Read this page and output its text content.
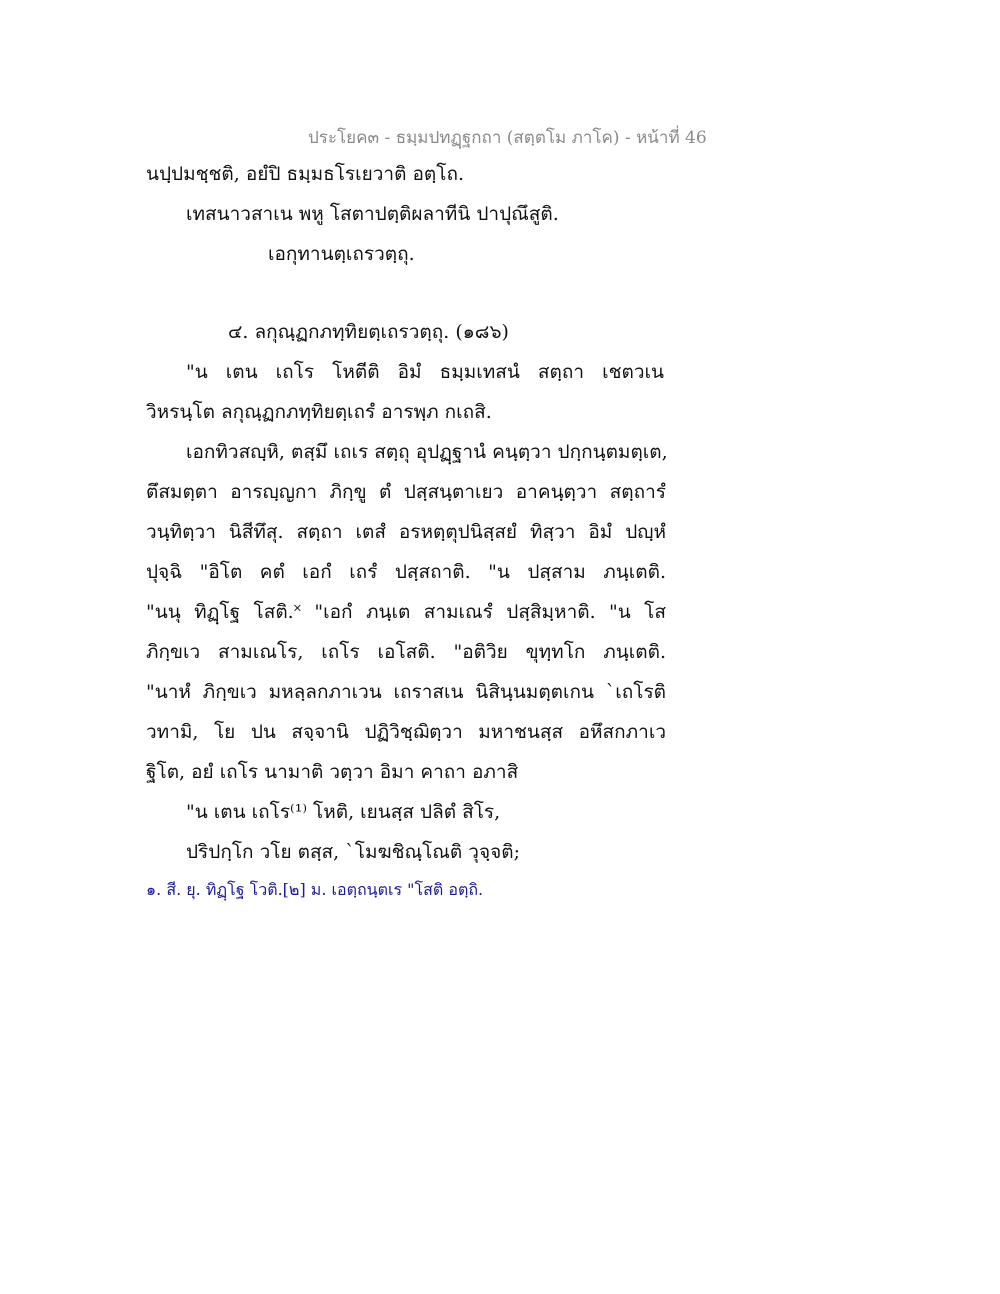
ประโยค๓ - ธมฺมปทฏฺฐกถา (สตฺตโม ภาโค) - หน้าที่ 46
นปฺปมชฺชติ, อยํปิ ธมฺมธโรเยวาติ อตฺโถ.
เทสนาวสาเน พหู โสตาปตฺติผลาทีนิ ปาปุณึสูติ.
เอกุทานตฺเถรวตฺถุ.
๔. ลกุณฺฏกภทฺทิยตฺเถรวตฺถุ. (๑๘๖)
"น เตน เถโร โหตีติ อิมํ ธมฺมเทสนํ สตฺถา เชตวเน
วิหรนฺโต ลกุณฺฏกภทฺทิยตฺเถรํ อารพฺภ กเถสิ.
เอกทิวสญฺหิ, ตสฺมึ เถเร สตฺถุ อุปฏฺฐานํ คนฺตฺวา ปกฺกนฺตมตฺเต,
ตึสมตฺตา อารญฺญกา ภิกฺขู ตํ ปสฺสนฺตาเยว อาคนฺตฺวา สตฺถารํ
วนฺทิตฺวา นิสีทึสุ. สตฺถา เตสํ อรหตฺตุปนิสฺสยํ ทิสฺวา อิมํ ปญฺหํ
ปุจฺฉิ "อิโต คตํ เอกํ เถรํ ปสฺสถาติ. "น ปสฺสาม ภนฺเตติ.
"นนุ ทิฏฺโฐ โสติ.˟ "เอกํ ภนฺเต สามเณรํ ปสฺสิมฺหาติ. "น โส
ภิกฺขเว สามเณโร, เถโร เอโสติ. "อติวิย ขุทฺทโก ภนฺเตติ.
"นาหํ ภิกฺขเว มหลฺลกภาเวน เถราสเน นิสินฺนมตฺตเกน `เถโรติ
วทามิ, โย ปน สจฺจานิ ปฏิวิชฺฌิตฺวา มหาชนสฺส อหึสกภาเว
ฐิโต, อยํ เถโร นามาติ วตฺวา อิมา คาถา อภาสิ
"น เตน เถโร⁽¹⁾ โหติ, เยนสฺส ปลิตํ สิโร,
ปริปกฺโก วโย ตสฺส, `โมฆชิณฺโณติ วุจฺจติ;
๑. สี. ยุ. ทิฏฺโฐ โวติ.[๒] ม. เอตฺถนฺตเร "โสติ อตฺถิ.
